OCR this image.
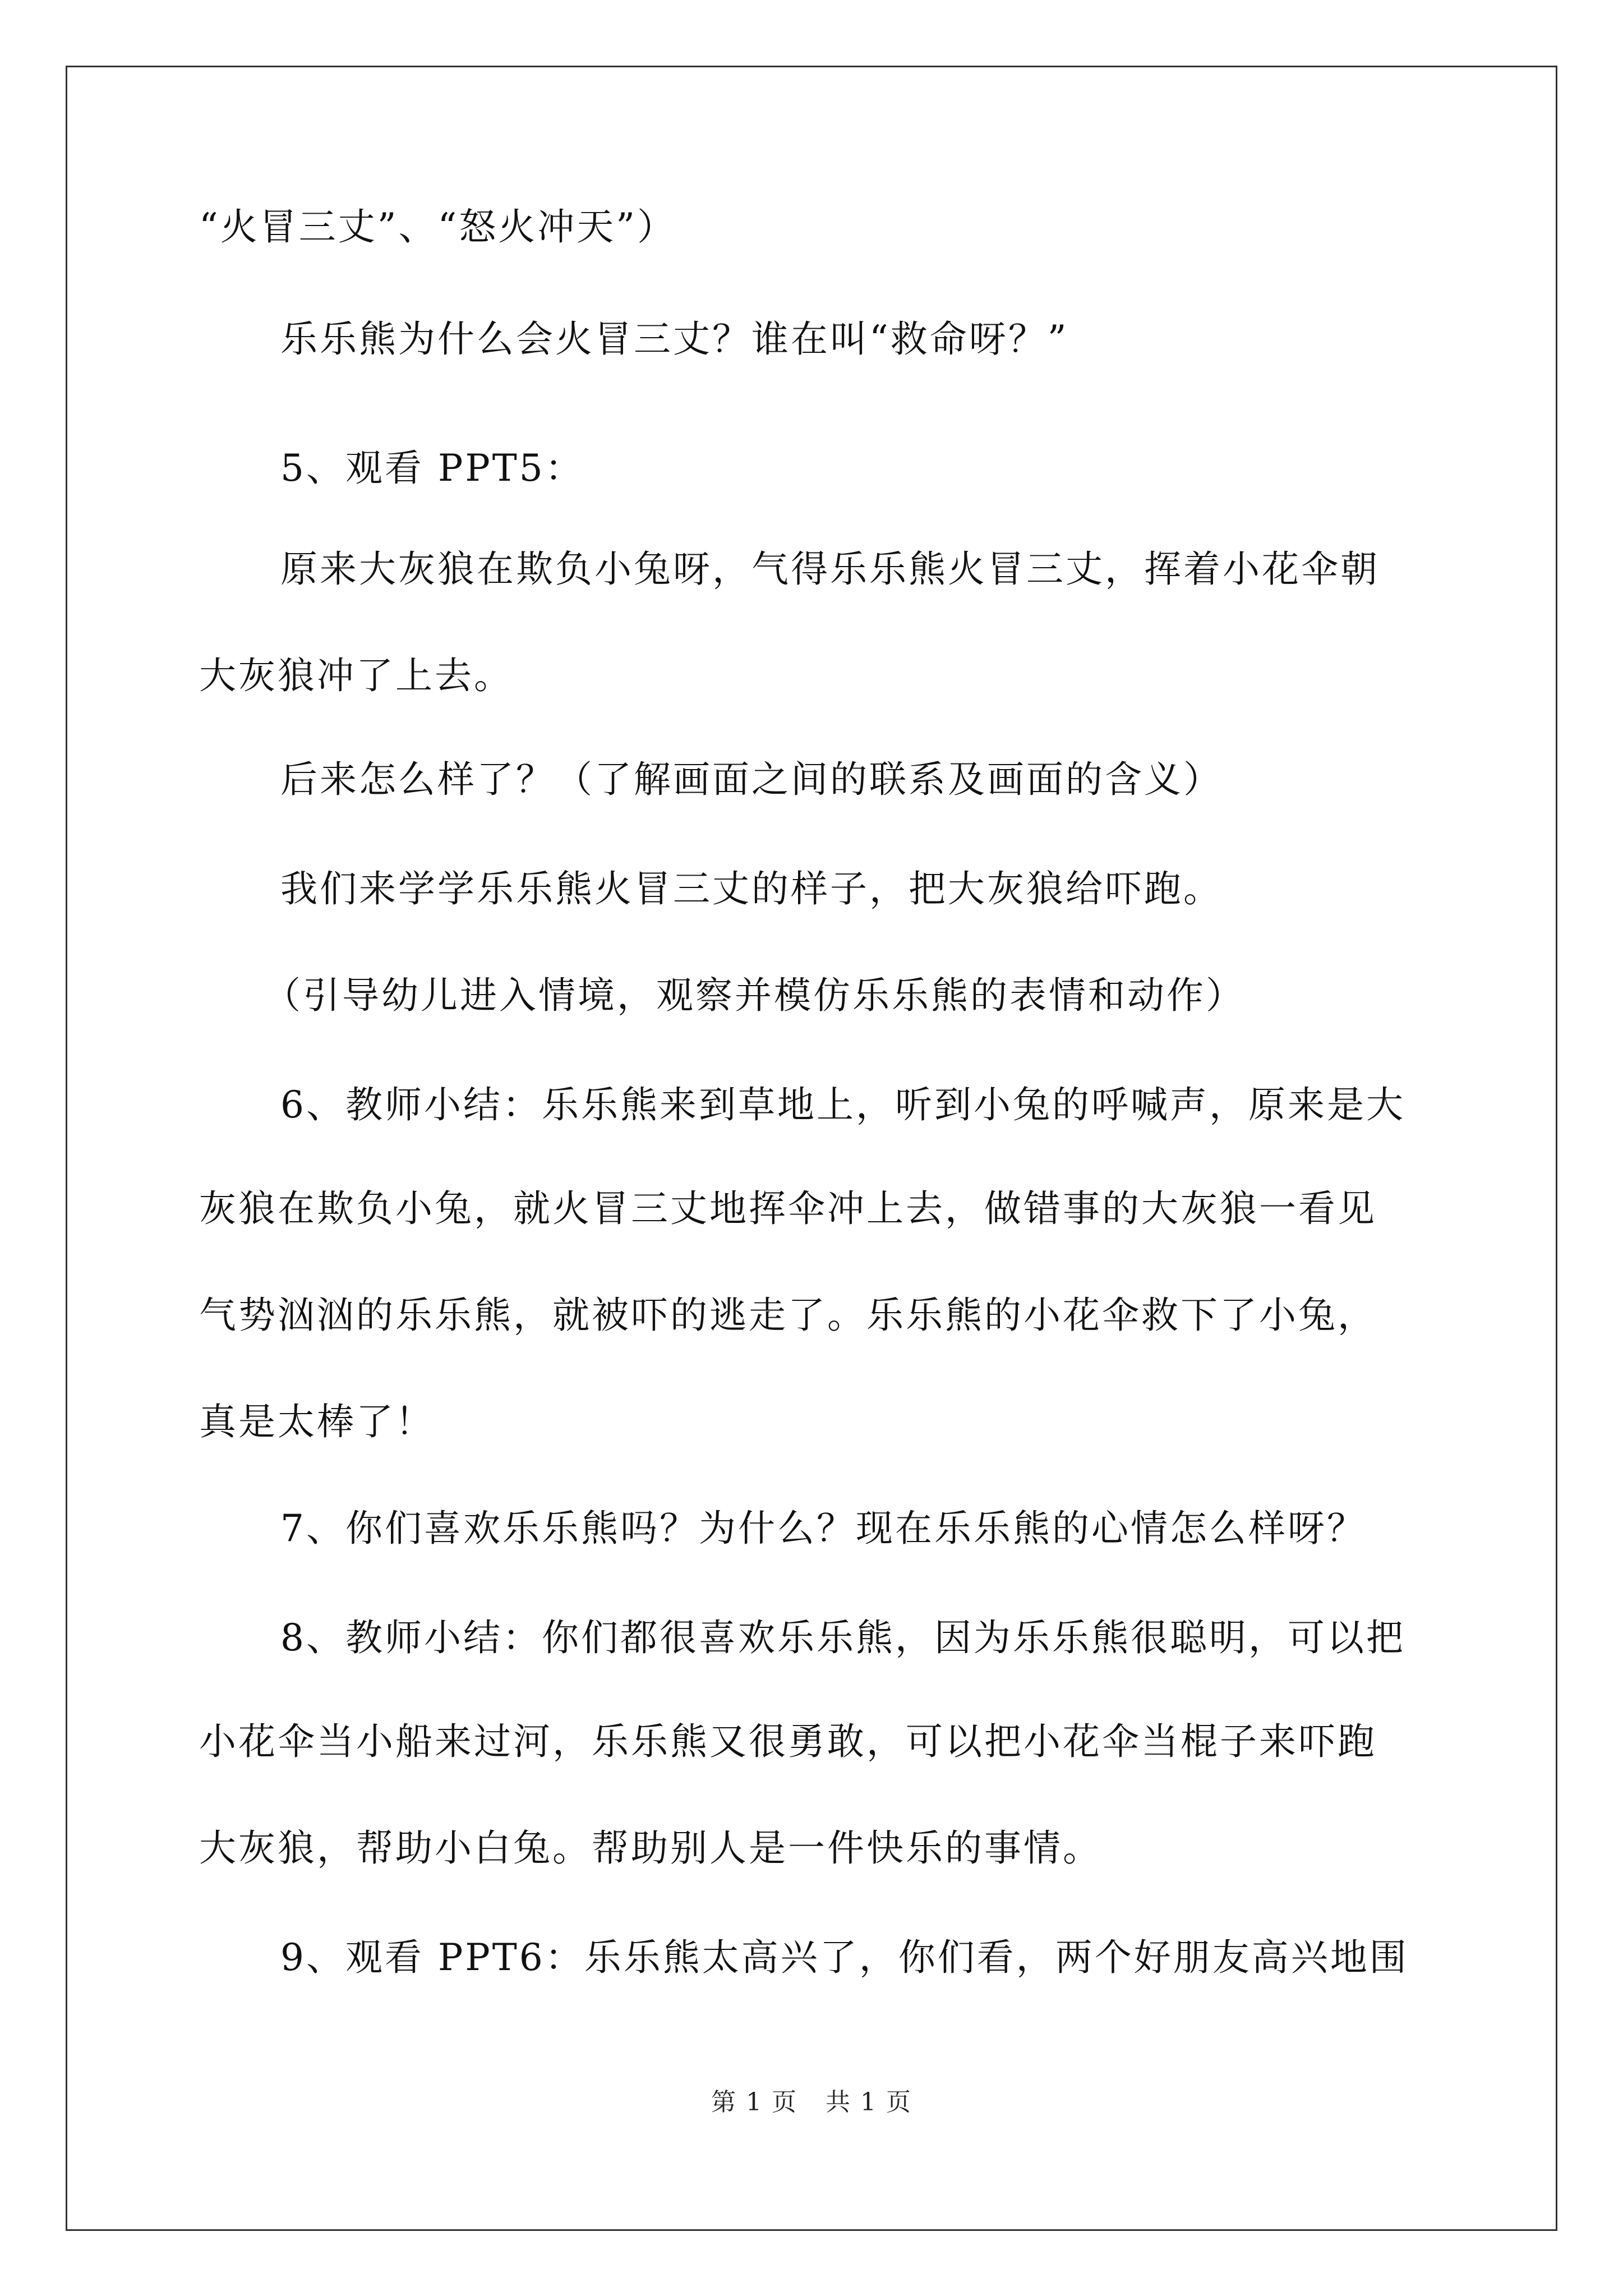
“火冒三丈”、“怒火冲天”）
乐乐熊为什么会火冒三丈？谁在叫“救命呀？”
5、观看 PPT5：
原来大灰狼在欺负小兔呀，气得乐乐熊火冒三丈，挥着小花伞朝
大灰狼冲了上去。
后来怎么样了？（了解画面之间的联系及画面的含义）
我们来学学乐乐熊火冒三丈的样子，把大灰狼给吓跑。
（引导幼儿进入情境，观察并模仿乐乐熊的表情和动作）
6、教师小结：乐乐熊来到草地上，听到小兔的呼喊声，原来是大
灰狼在欺负小兔，就火冒三丈地挥伞冲上去，做错事的大灰狼一看见
气势汹汹的乐乐熊，就被吓的逃走了。乐乐熊的小花伞救下了小兔，
真是太棒了！
7、你们喜欢乐乐熊吗？为什么？现在乐乐熊的心情怎么样呀？
8、教师小结：你们都很喜欢乐乐熊，因为乐乐熊很聪明，可以把
小花伞当小船来过河，乐乐熊又很勇敢，可以把小花伞当棍子来吓跑
大灰狼，帮助小白兔。帮助别人是一件快乐的事情。
9、观看 PPT6：乐乐熊太高兴了，你们看，两个好朋友高兴地围
第 1 页 共 1 页
